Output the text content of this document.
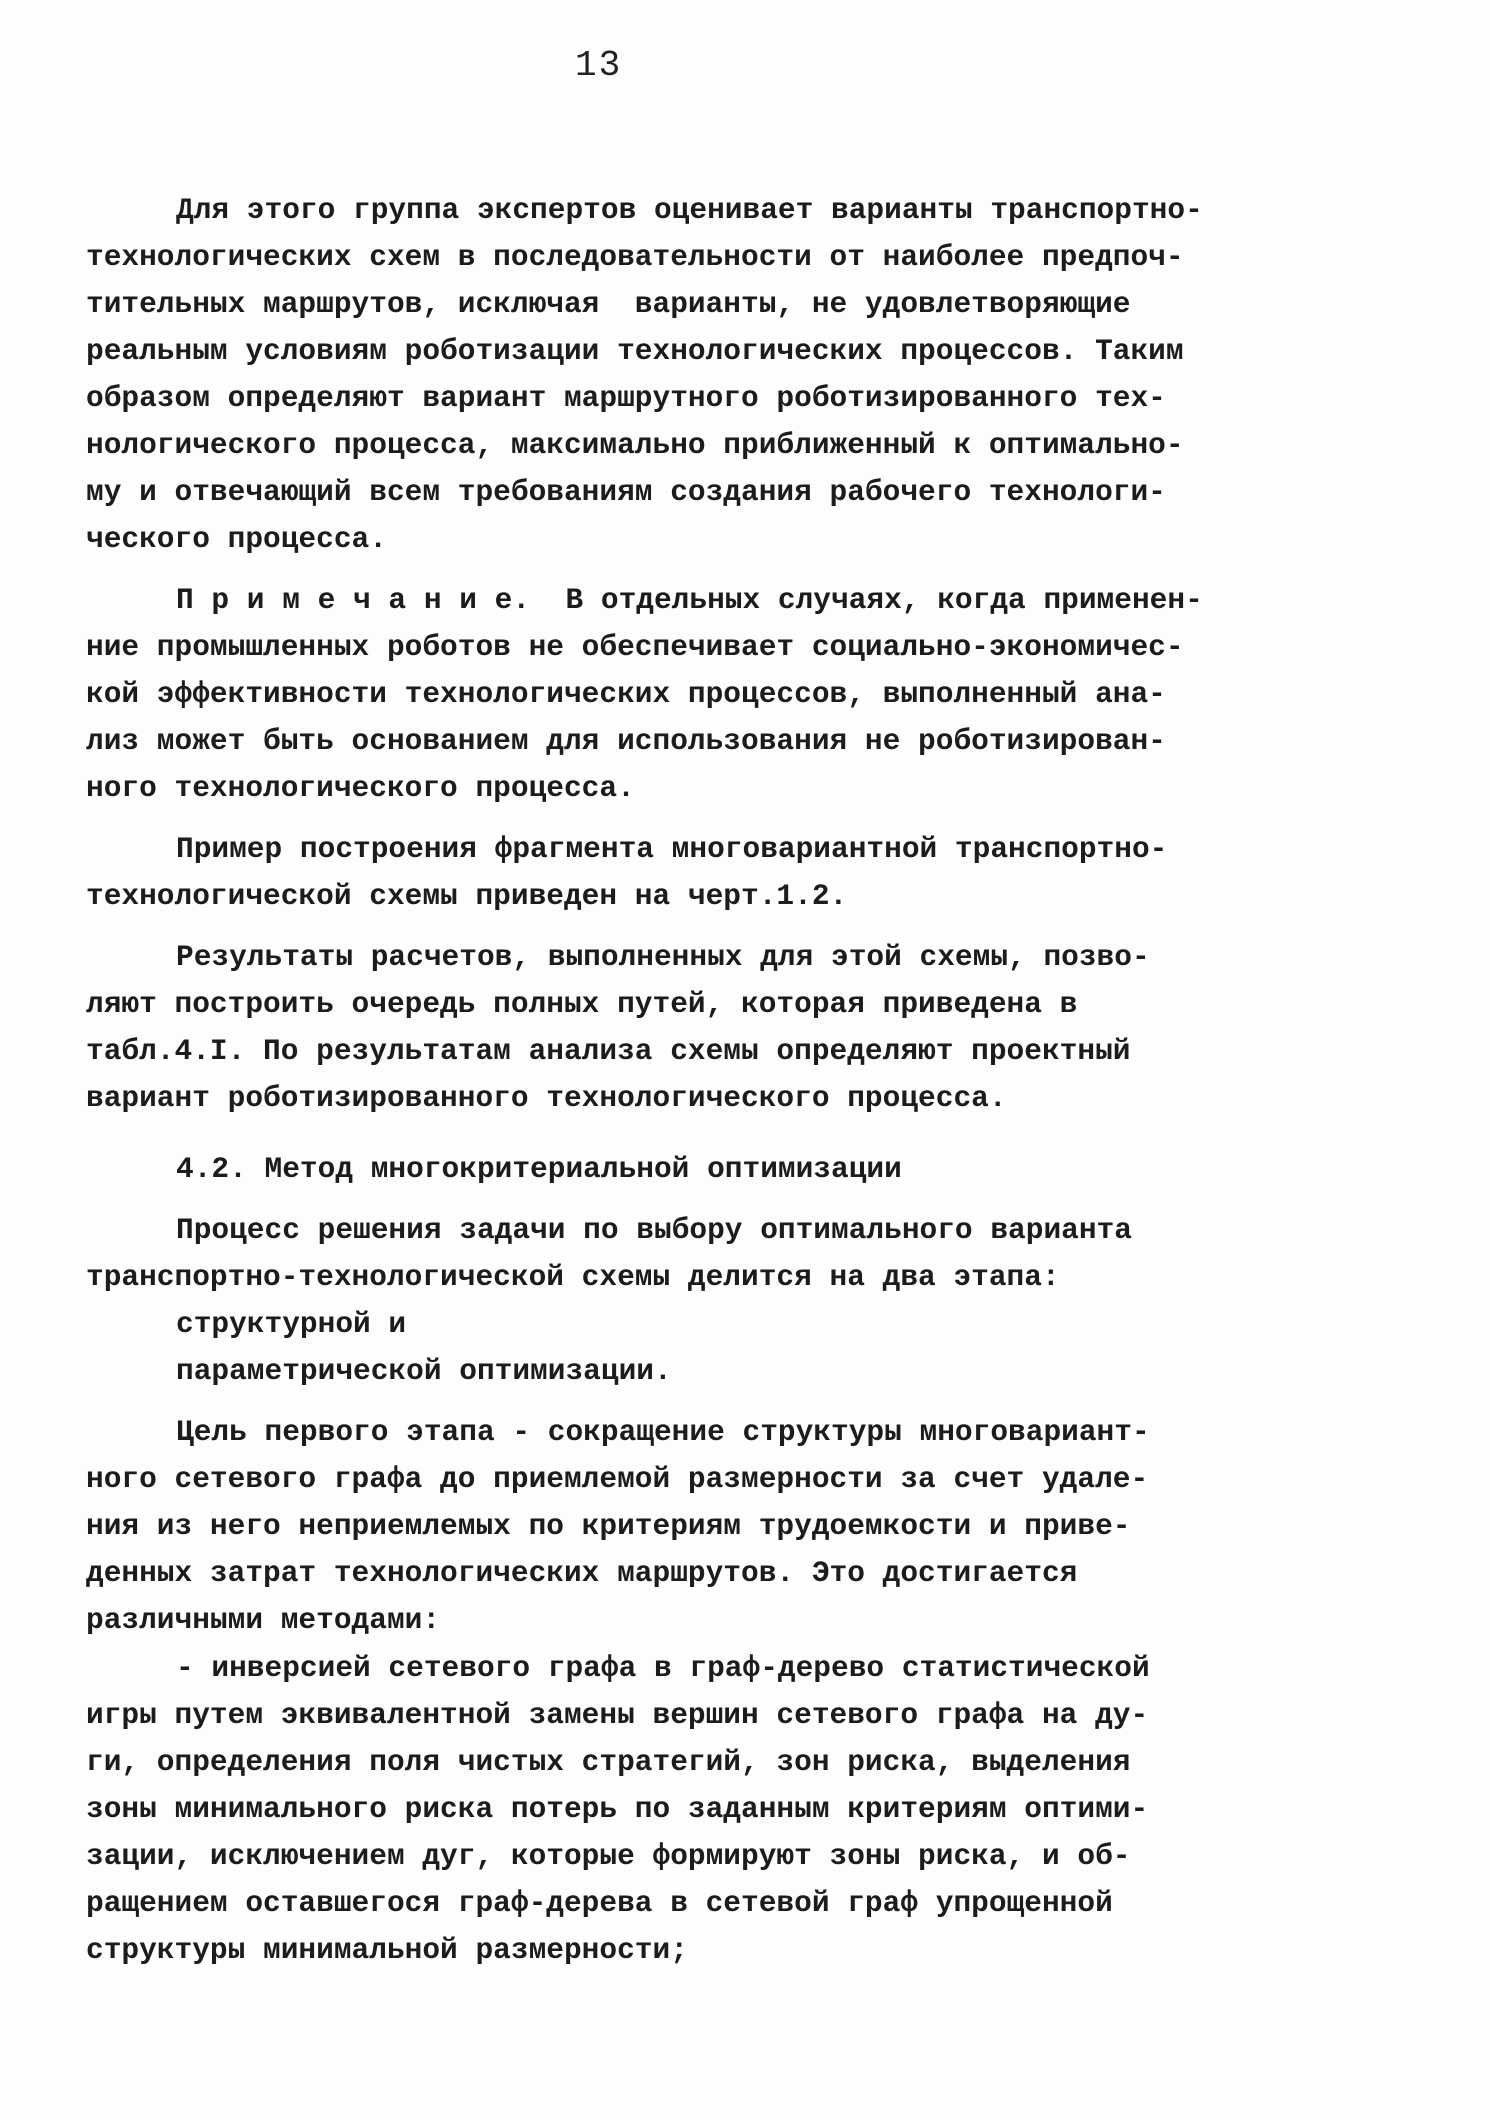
13
Для этого группа экспертов оценивает варианты транспортно-
технологических схем в последовательности от наиболее предпоч-
тительных маршрутов, исключая  варианты, не удовлетворяющие
реальным условиям роботизации технологических процессов. Таким
образом определяют вариант маршрутного роботизированного тех-
нологического процесса, максимально приближенный к оптимально-
му и отвечающий всем требованиям создания рабочего технологи-
ческого процесса.
П р и м е ч а н и е.  В отдельных случаях, когда применен-
ние промышленных роботов не обеспечивает социально-экономичес-
кой эффективности технологических процессов, выполненный ана-
лиз может быть основанием для использования не роботизирован-
ного технологического процесса.
Пример построения фрагмента многовариантной транспортно-
технологической схемы приведен на черт.1.2.
Результаты расчетов, выполненных для этой схемы, позво-
ляют построить очередь полных путей, которая приведена в
табл.4.I. По результатам анализа схемы определяют проектный
вариант роботизированного технологического процесса.
4.2. Метод многокритериальной оптимизации
Процесс решения задачи по выбору оптимального варианта
транспортно-технологической схемы делится на два этапа:
структурной и
параметрической оптимизации.
Цель первого этапа - сокращение структуры многовариант-
ного сетевого графа до приемлемой размерности за счет удале-
ния из него неприемлемых по критериям трудоемкости и приве-
денных затрат технологических маршрутов. Это достигается
различными методами:
- инверсией сетевого графа в граф-дерево статистической
игры путем эквивалентной замены вершин сетевого графа на ду-
ги, определения поля чистых стратегий, зон риска, выделения
зоны минимального риска потерь по заданным критериям оптими-
зации, исключением дуг, которые формируют зоны риска, и об-
ращением оставшегося граф-дерева в сетевой граф упрощенной
структуры минимальной размерности;
